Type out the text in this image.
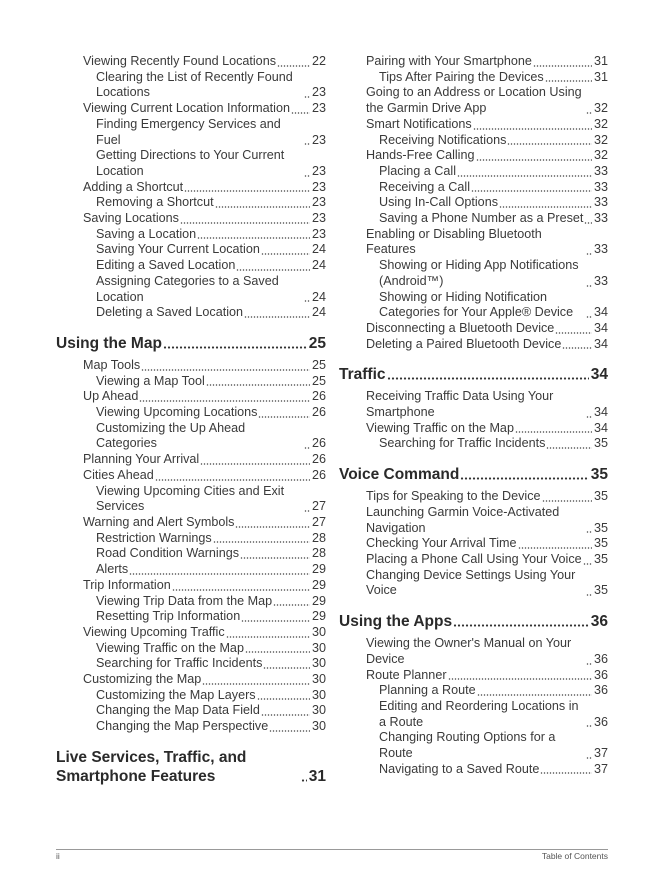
Viewing Recently Found Locations	22
Clearing the List of Recently Found Locations	23
Viewing Current Location Information 23
Finding Emergency Services and Fuel	23
Getting Directions to Your Current Location	23
Adding a Shortcut	23
Removing a Shortcut	23
Saving Locations	23
Saving a Location	23
Saving Your Current Location	24
Editing a Saved Location	24
Assigning Categories to a Saved Location	24
Deleting a Saved Location	24
Using the Map	25
Map Tools	25
Viewing a Map Tool	25
Up Ahead	26
Viewing Upcoming Locations	26
Customizing the Up Ahead Categories	26
Planning Your Arrival	26
Cities Ahead	26
Viewing Upcoming Cities and Exit Services	27
Warning and Alert Symbols	27
Restriction Warnings	28
Road Condition Warnings	28
Alerts	29
Trip Information	29
Viewing Trip Data from the Map	29
Resetting Trip Information	29
Viewing Upcoming Traffic	30
Viewing Traffic on the Map	30
Searching for Traffic Incidents	30
Customizing the Map	30
Customizing the Map Layers	30
Changing the Map Data Field	30
Changing the Map Perspective	30
Live Services, Traffic, and Smartphone Features	31
Pairing with Your Smartphone	31
Tips After Pairing the Devices	31
Going to an Address or Location Using the Garmin Drive App	32
Smart Notifications	32
Receiving Notifications	32
Hands-Free Calling	32
Placing a Call	33
Receiving a Call	33
Using In-Call Options	33
Saving a Phone Number as a Preset 33
Enabling or Disabling Bluetooth Features	33
Showing or Hiding App Notifications (Android™)	33
Showing or Hiding Notification Categories for Your Apple® Device	34
Disconnecting a Bluetooth Device	34
Deleting a Paired Bluetooth Device	34
Traffic	34
Receiving Traffic Data Using Your Smartphone	34
Viewing Traffic on the Map	34
Searching for Traffic Incidents	35
Voice Command	35
Tips for Speaking to the Device	35
Launching Garmin Voice-Activated Navigation	35
Checking Your Arrival Time	35
Placing a Phone Call Using Your Voice 35
Changing Device Settings Using Your Voice	35
Using the Apps	36
Viewing the Owner's Manual on Your Device	36
Route Planner	36
Planning a Route	36
Editing and Reordering Locations in a Route	36
Changing Routing Options for a Route	37
Navigating to a Saved Route	37
ii	Table of Contents
